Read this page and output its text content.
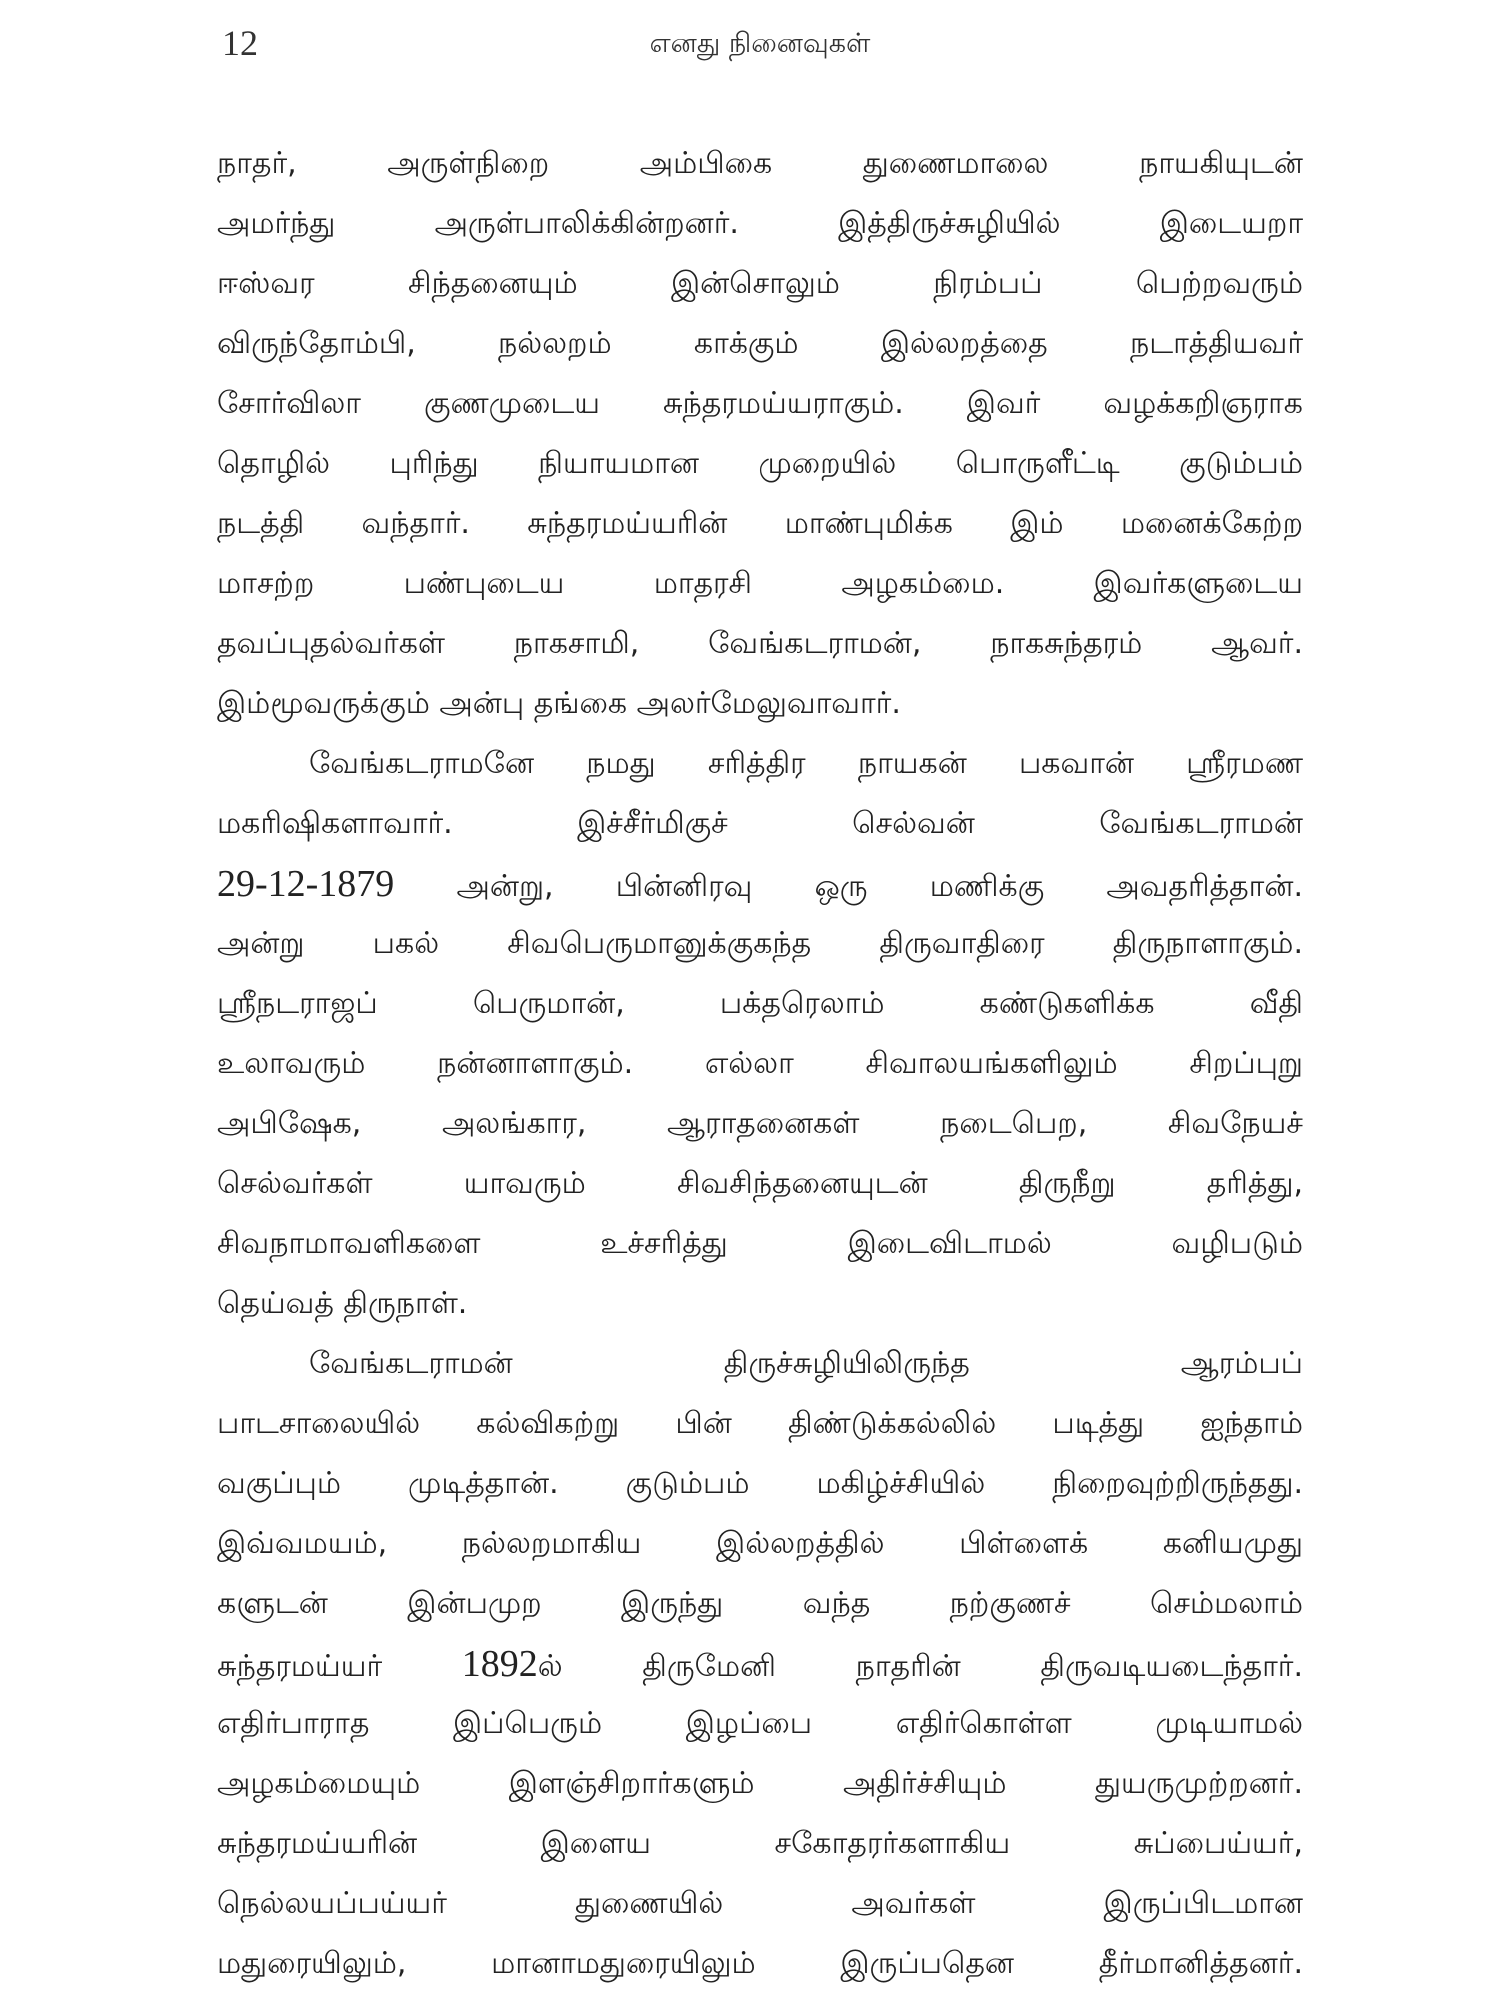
12	எனது நினைவுகள்
நாதர், அருள்நிறை அம்பிகை துணைமாலை நாயகியுடன்
அமர்ந்து அருள்பாலிக்கின்றனர். இத்திருச்சுழியில் இடையறா
ஈஸ்வர சிந்தனையும் இன்சொலும் நிரம்பப் பெற்றவரும்
விருந்தோம்பி, நல்லறம் காக்கும் இல்லறத்தை நடாத்தியவர்
சோர்விலா குணமுடைய சுந்தரமய்யராகும். இவர் வழக்கறிஞராக
தொழில் புரிந்து நியாயமான முறையில் பொருளீட்டி குடும்பம்
நடத்தி வந்தார். சுந்தரமய்யரின் மாண்புமிக்க இம் மனைக்கேற்ற
மாசற்ற பண்புடைய மாதரசி அழகம்மை. இவர்களுடைய
தவப்புதல்வர்கள் நாகசாமி, வேங்கடராமன், நாகசுந்தரம் ஆவர்.
இம்மூவருக்கும் அன்பு தங்கை அலர்மேலுவாவார்.
வேங்கடராமனே நமது சரித்திர நாயகன் பகவான் ஸ்ரீரமண
மகரிஷிகளாவார். இச்சீர்மிகுச் செல்வன் வேங்கடராமன்
29-12-1879 அன்று, பின்னிரவு ஒரு மணிக்கு அவதரித்தான்.
அன்று பகல் சிவபெருமானுக்குகந்த திருவாதிரை திருநாளாகும்.
ஸ்ரீநடராஜப் பெருமான், பக்தரெலாம் கண்டுகளிக்க வீதி
உலாவரும் நன்னாளாகும். எல்லா சிவாலயங்களிலும் சிறப்புறு
அபிஷேக, அலங்கார, ஆராதனைகள் நடைபெற, சிவநேயச்
செல்வர்கள் யாவரும் சிவசிந்தனையுடன் திருநீறு தரித்து,
சிவநாமாவளிகளை உச்சரித்து இடைவிடாமல் வழிபடும்
தெய்வத் திருநாள்.
வேங்கடராமன் திருச்சுழியிலிருந்த ஆரம்பப்
பாடசாலையில் கல்விகற்று பின் திண்டுக்கல்லில் படித்து ஐந்தாம்
வகுப்பும் முடித்தான். குடும்பம் மகிழ்ச்சியில் நிறைவுற்றிருந்தது.
இவ்வமயம், நல்லறமாகிய இல்லறத்தில் பிள்ளைக் கனியமுது
களுடன் இன்பமுற இருந்து வந்த நற்குணச் செம்மலாம்
சுந்தரமய்யர் 1892ல் திருமேனி நாதரின் திருவடியடைந்தார்.
எதிர்பாராத இப்பெரும் இழப்பை எதிர்கொள்ள முடியாமல்
அழகம்மையும் இளஞ்சிறார்களும் அதிர்ச்சியும் துயருமுற்றனர்.
சுந்தரமய்யரின் இளைய சகோதரர்களாகிய சுப்பைய்யர்,
நெல்லயப்பய்யர் துணையில் அவர்கள் இருப்பிடமான
மதுரையிலும், மானாமதுரையிலும் இருப்பதென தீர்மானித்தனர்.
